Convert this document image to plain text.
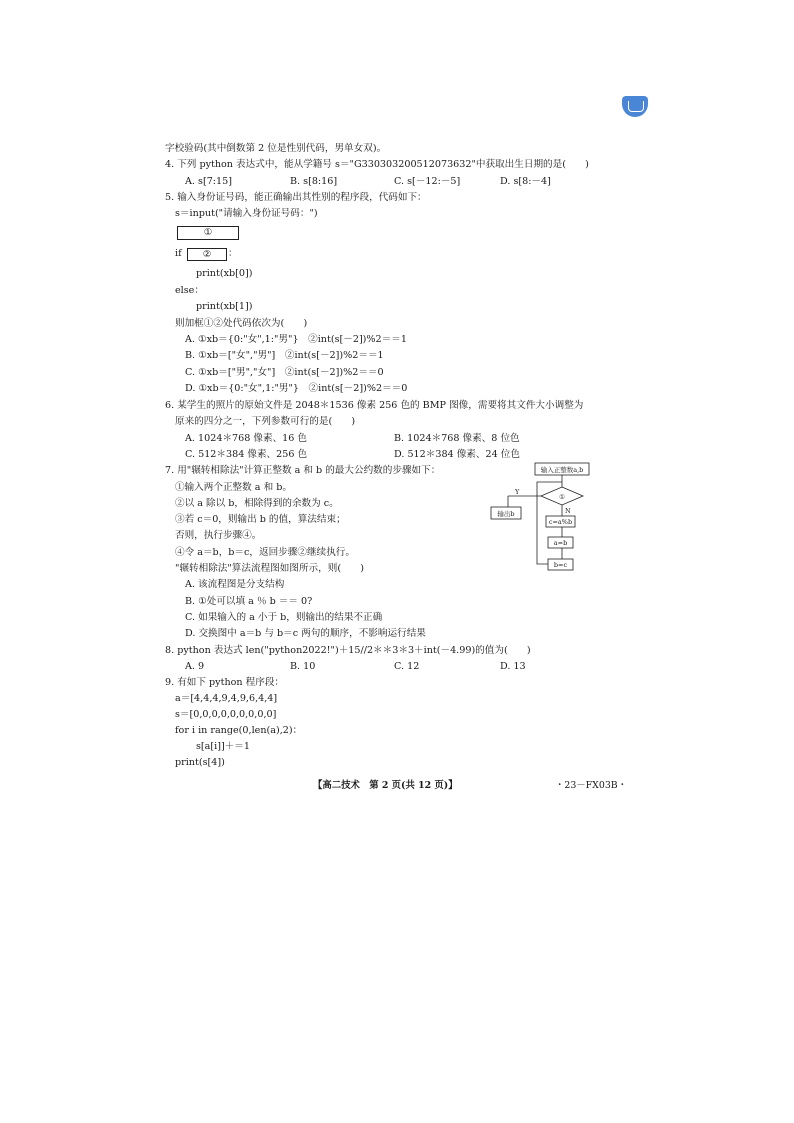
字校验码(其中倒数第 2 位是性别代码，男单女双)。
4. 下列 python 表达式中，能从学籍号 s＝"G330303200512073632"中获取出生日期的是(　　)
A. s[7:15]	B. s[8:16]	C. s[－12:－5]	D. s[8:－4]
5. 输入身份证号码，能正确输出其性别的程序段，代码如下：
s＝input("请输入身份证号码：")
①
if	②	：
print(xb[0])
else：
print(xb[1])
则加框①②处代码依次为(　　)
A. ①xb＝{0:"女",1:"男"}　②int(s[－2])%2＝＝1
B. ①xb＝["女","男"]　②int(s[－2])%2＝＝1
C. ①xb＝["男","女"]　②int(s[－2])%2＝＝0
D. ①xb＝{0:"女",1:"男"}　②int(s[－2])%2＝＝0
6. 某学生的照片的原始文件是 2048＊1536 像素 256 色的 BMP 图像，需要将其文件大小调整为
原来的四分之一，下列参数可行的是(　　)
A. 1024＊768 像素、16 色	B. 1024＊768 像素、8 位色
C. 512＊384 像素、256 色	D. 512＊384 像素、24 位色
7. 用"辗转相除法"计算正整数 a 和 b 的最大公约数的步骤如下：
①输入两个正整数 a 和 b。
②以 a 除以 b，相除得到的余数为 c。
③若 c＝0，则输出 b 的值，算法结束；
否则，执行步骤④。
④令 a＝b，b＝c，返回步骤②继续执行。
"辗转相除法"算法流程图如图所示，则(　　)
A. 该流程图是分支结构
B. ①处可以填 a ％ b ＝＝ 0?
C. 如果输入的 a 小于 b，则输出的结果不正确
D. 交换图中 a＝b 与 b＝c 两句的顺序，不影响运行结果
输入正整数a,b
①
Y
N
输出b
c=a%b
a=b
b=c
8. python 表达式 len("python2022!")＋15//2＊＊3＊3＋int(－4.99)的值为(　　)
A. 9	B. 10	C. 12	D. 13
9. 有如下 python 程序段：
a＝[4,4,4,9,4,9,6,4,4]
s＝[0,0,0,0,0,0,0,0,0]
for i in range(0,len(a),2)：
s[a[i]]＋＝1
print(s[4])
【高二技术　第 2 页(共 12 页)】	・23－FX03B・
